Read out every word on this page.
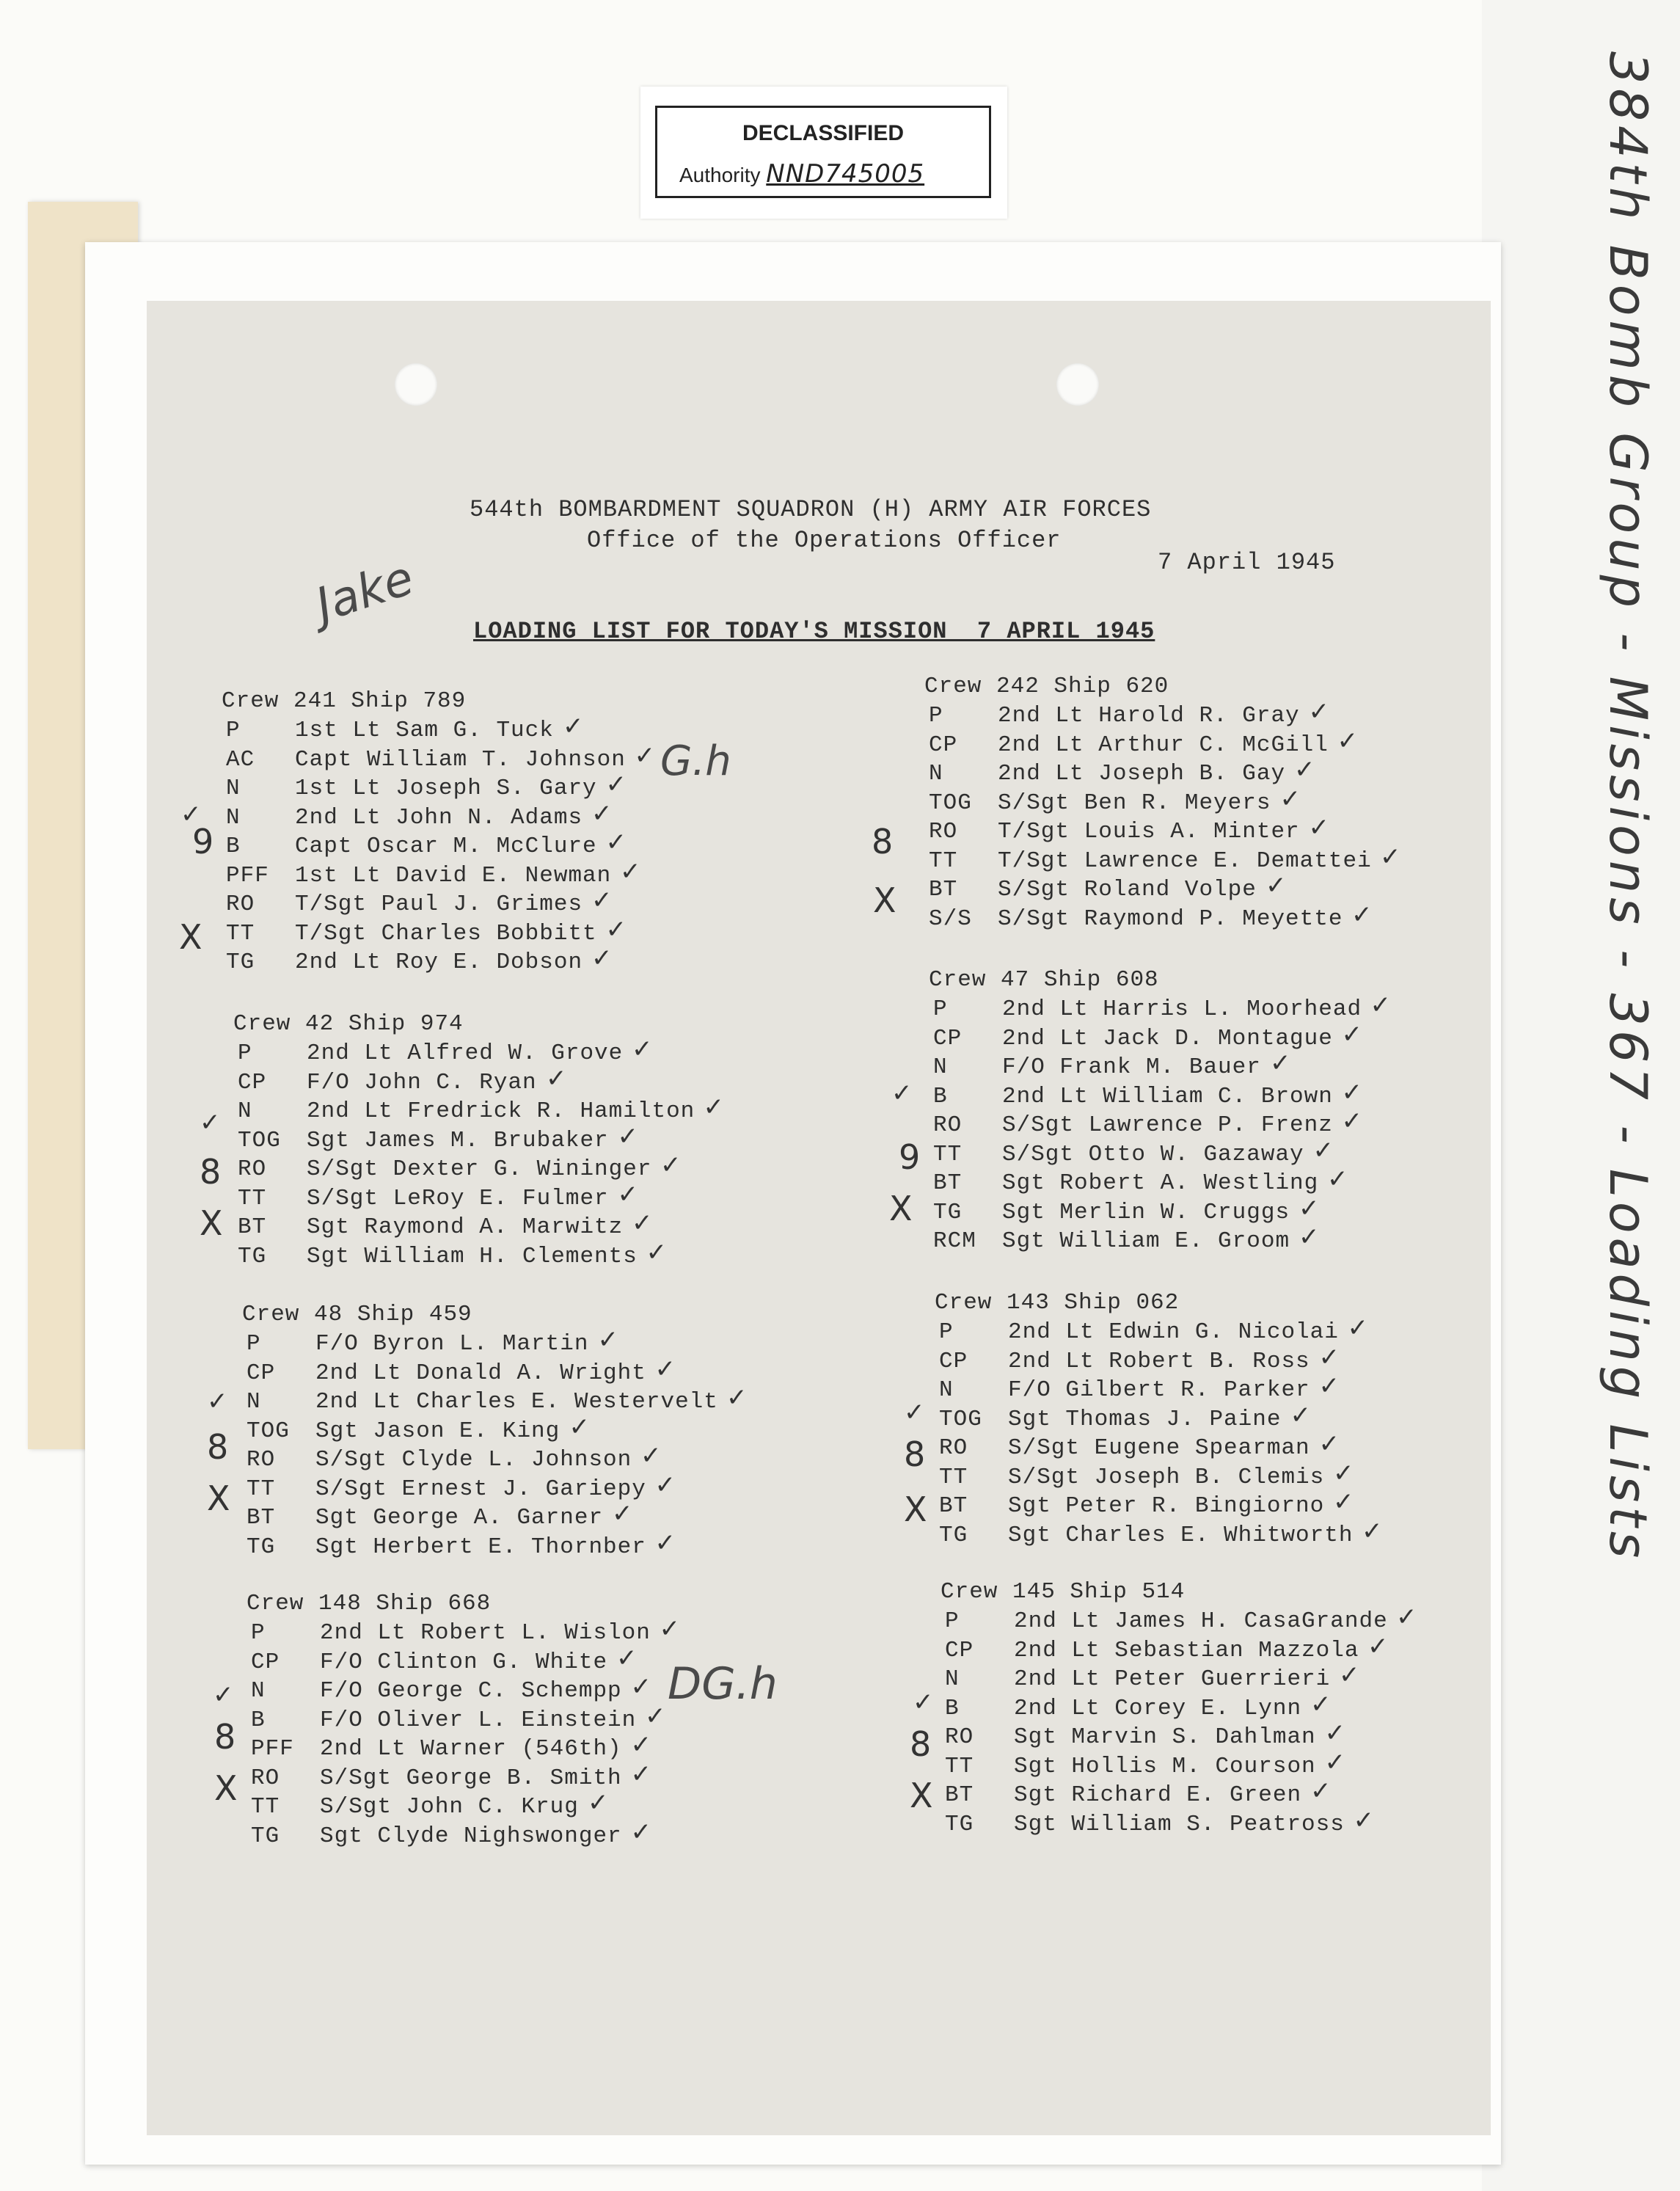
DECLASSIFIED
Authority NND745005	384th Bomb Group - Missions - 367 - Loading Lists
544th BOMBARDMENT SQUADRON (H) ARMY AIR FORCES
Office of the Operations Officer
7 April 1945
LOADING LIST FOR TODAY'S MISSION  7 APRIL 1945
Jake
G.h
DG.h
Crew 241 Ship 789
P 1st Lt Sam G. Tuck ✓
AC Capt William T. Johnson ✓
N 1st Lt Joseph S. Gary ✓
N 2nd Lt John N. Adams ✓
B Capt Oscar M. McClure ✓
PFF 1st Lt David E. Newman ✓
RO T/Sgt Paul J. Grimes ✓
TT T/Sgt Charles Bobbitt ✓
TG 2nd Lt Roy E. Dobson ✓
Crew 42 Ship 974
P 2nd Lt Alfred W. Grove ✓
CP F/O John C. Ryan ✓
N 2nd Lt Fredrick R. Hamilton ✓
TOG Sgt James M. Brubaker ✓
RO S/Sgt Dexter G. Wininger ✓
TT S/Sgt LeRoy E. Fulmer ✓
BT Sgt Raymond A. Marwitz ✓
TG Sgt William H. Clements ✓
Crew 48 Ship 459
P F/O Byron L. Martin ✓
CP 2nd Lt Donald A. Wright ✓
N 2nd Lt Charles E. Westervelt ✓
TOG Sgt Jason E. King ✓
RO S/Sgt Clyde L. Johnson ✓
TT S/Sgt Ernest J. Gariepy ✓
BT Sgt George A. Garner ✓
TG Sgt Herbert E. Thornber ✓
Crew 148 Ship 668
P 2nd Lt Robert L. Wislon ✓
CP F/O Clinton G. White ✓
N F/O George C. Schempp ✓
B F/O Oliver L. Einstein ✓
PFF 2nd Lt Warner (546th) ✓
RO S/Sgt George B. Smith ✓
TT S/Sgt John C. Krug ✓
TG Sgt Clyde Nighswonger ✓
Crew 242 Ship 620
P 2nd Lt Harold R. Gray ✓
CP 2nd Lt Arthur C. McGill ✓
N 2nd Lt Joseph B. Gay ✓
TOG S/Sgt Ben R. Meyers ✓
RO T/Sgt Louis A. Minter ✓
TT T/Sgt Lawrence E. Demattei ✓
BT S/Sgt Roland Volpe ✓
S/S S/Sgt Raymond P. Meyette ✓
Crew 47 Ship 608
P 2nd Lt Harris L. Moorhead ✓
CP 2nd Lt Jack D. Montague ✓
N F/O Frank M. Bauer ✓
B 2nd Lt William C. Brown ✓
RO S/Sgt Lawrence P. Frenz ✓
TT S/Sgt Otto W. Gazaway ✓
BT Sgt Robert A. Westling ✓
TG Sgt Merlin W. Cruggs ✓
RCM Sgt William E. Groom ✓
Crew 143 Ship 062
P 2nd Lt Edwin G. Nicolai ✓
CP 2nd Lt Robert B. Ross ✓
N F/O Gilbert R. Parker ✓
TOG Sgt Thomas J. Paine ✓
RO S/Sgt Eugene Spearman ✓
TT S/Sgt Joseph B. Clemis ✓
BT Sgt Peter R. Bingiorno ✓
TG Sgt Charles E. Whitworth ✓
Crew 145 Ship 514
P 2nd Lt James H. CasaGrande ✓
CP 2nd Lt Sebastian Mazzola ✓
N 2nd Lt Peter Guerrieri ✓
B 2nd Lt Corey E. Lynn ✓
RO Sgt Marvin S. Dahlman ✓
TT Sgt Hollis M. Courson ✓
BT Sgt Richard E. Green ✓
TG Sgt William S. Peatross ✓
✓
9
X
✓
8
X
✓
8
X
✓
8
X
8
X
✓
9
X
✓
8
X
✓
8
X
